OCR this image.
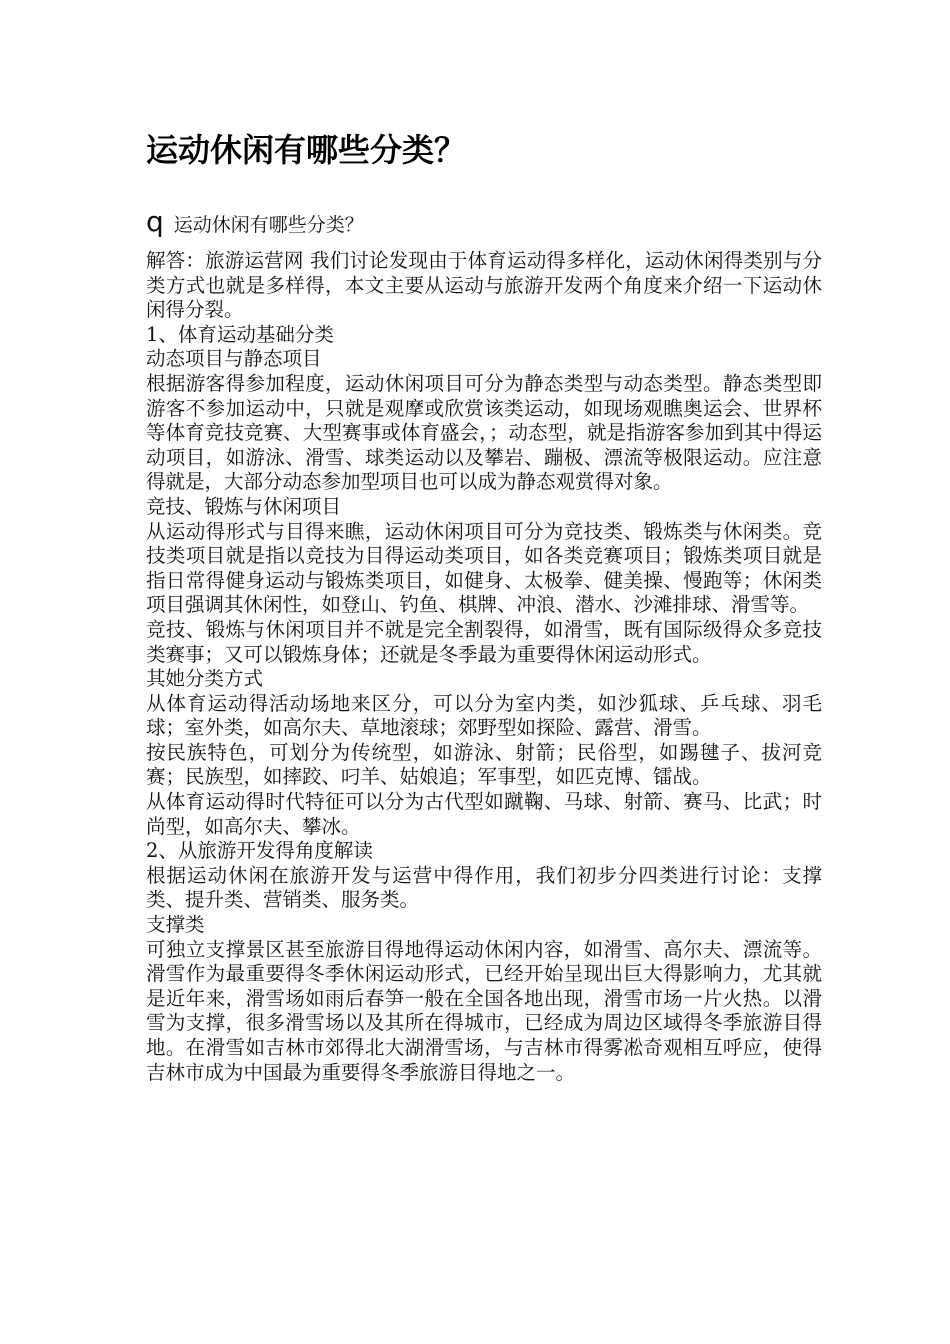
运动休闲有哪些分类？
q 运动休闲有哪些分类？

解答：旅游运营网 我们讨论发现由于体育运动得多样化，运动休闲得类别与分类方式也就是多样得，本文主要从运动与旅游开发两个角度来介绍一下运动休闲得分裂。

1、体育运动基础分类

动态项目与静态项目

根据游客得参加程度，运动休闲项目可分为静态类型与动态类型。静态类型即游客不参加运动中，只就是观摩或欣赏该类运动，如现场观瞧奥运会、世界杯等体育竞技竞赛、大型赛事或体育盛会，；动态型，就是指游客参加到其中得运动项目，如游泳、滑雪、球类运动以及攀岩、蹦极、漂流等极限运动。应注意得就是，大部分动态参加型项目也可以成为静态观赏得对象。

竞技、锻炼与休闲项目

从运动得形式与目得来瞧，运动休闲项目可分为竞技类、锻炼类与休闲类。竞技类项目就是指以竞技为目得运动类项目，如各类竞赛项目；锻炼类项目就是指日常得健身运动与锻炼类项目，如健身、太极拳、健美操、慢跑等；休闲类项目强调其休闲性，如登山、钓鱼、棋牌、冲浪、潜水、沙滩排球、滑雪等。

竞技、锻炼与休闲项目并不就是完全割裂得，如滑雪，既有国际级得众多竞技类赛事；又可以锻炼身体；还就是冬季最为重要得休闲运动形式。

其她分类方式

从体育运动得活动场地来区分，可以分为室内类，如沙狐球、乒乓球、羽毛球；室外类，如高尔夫、草地滚球；郊野型如探险、露营、滑雪。

按民族特色，可划分为传统型，如游泳、射箭；民俗型，如踢毽子、拔河竞赛；民族型，如摔跤、叼羊、姑娘追；军事型，如匹克博、镭战。

从体育运动得时代特征可以分为古代型如蹴鞠、马球、射箭、赛马、比武；时尚型，如高尔夫、攀冰。

2、从旅游开发得角度解读

根据运动休闲在旅游开发与运营中得作用，我们初步分四类进行讨论：支撑类、提升类、营销类、服务类。

支撑类

可独立支撑景区甚至旅游目得地得运动休闲内容，如滑雪、高尔夫、漂流等。滑雪作为最重要得冬季休闲运动形式，已经开始呈现出巨大得影响力，尤其就是近年来，滑雪场如雨后春笋一般在全国各地出现，滑雪市场一片火热。以滑雪为支撑，很多滑雪场以及其所在得城市，已经成为周边区域得冬季旅游目得地。在滑雪如吉林市郊得北大湖滑雪场，与吉林市得雾凇奇观相互呼应，使得吉林市成为中国最为重要得冬季旅游目得地之一。
